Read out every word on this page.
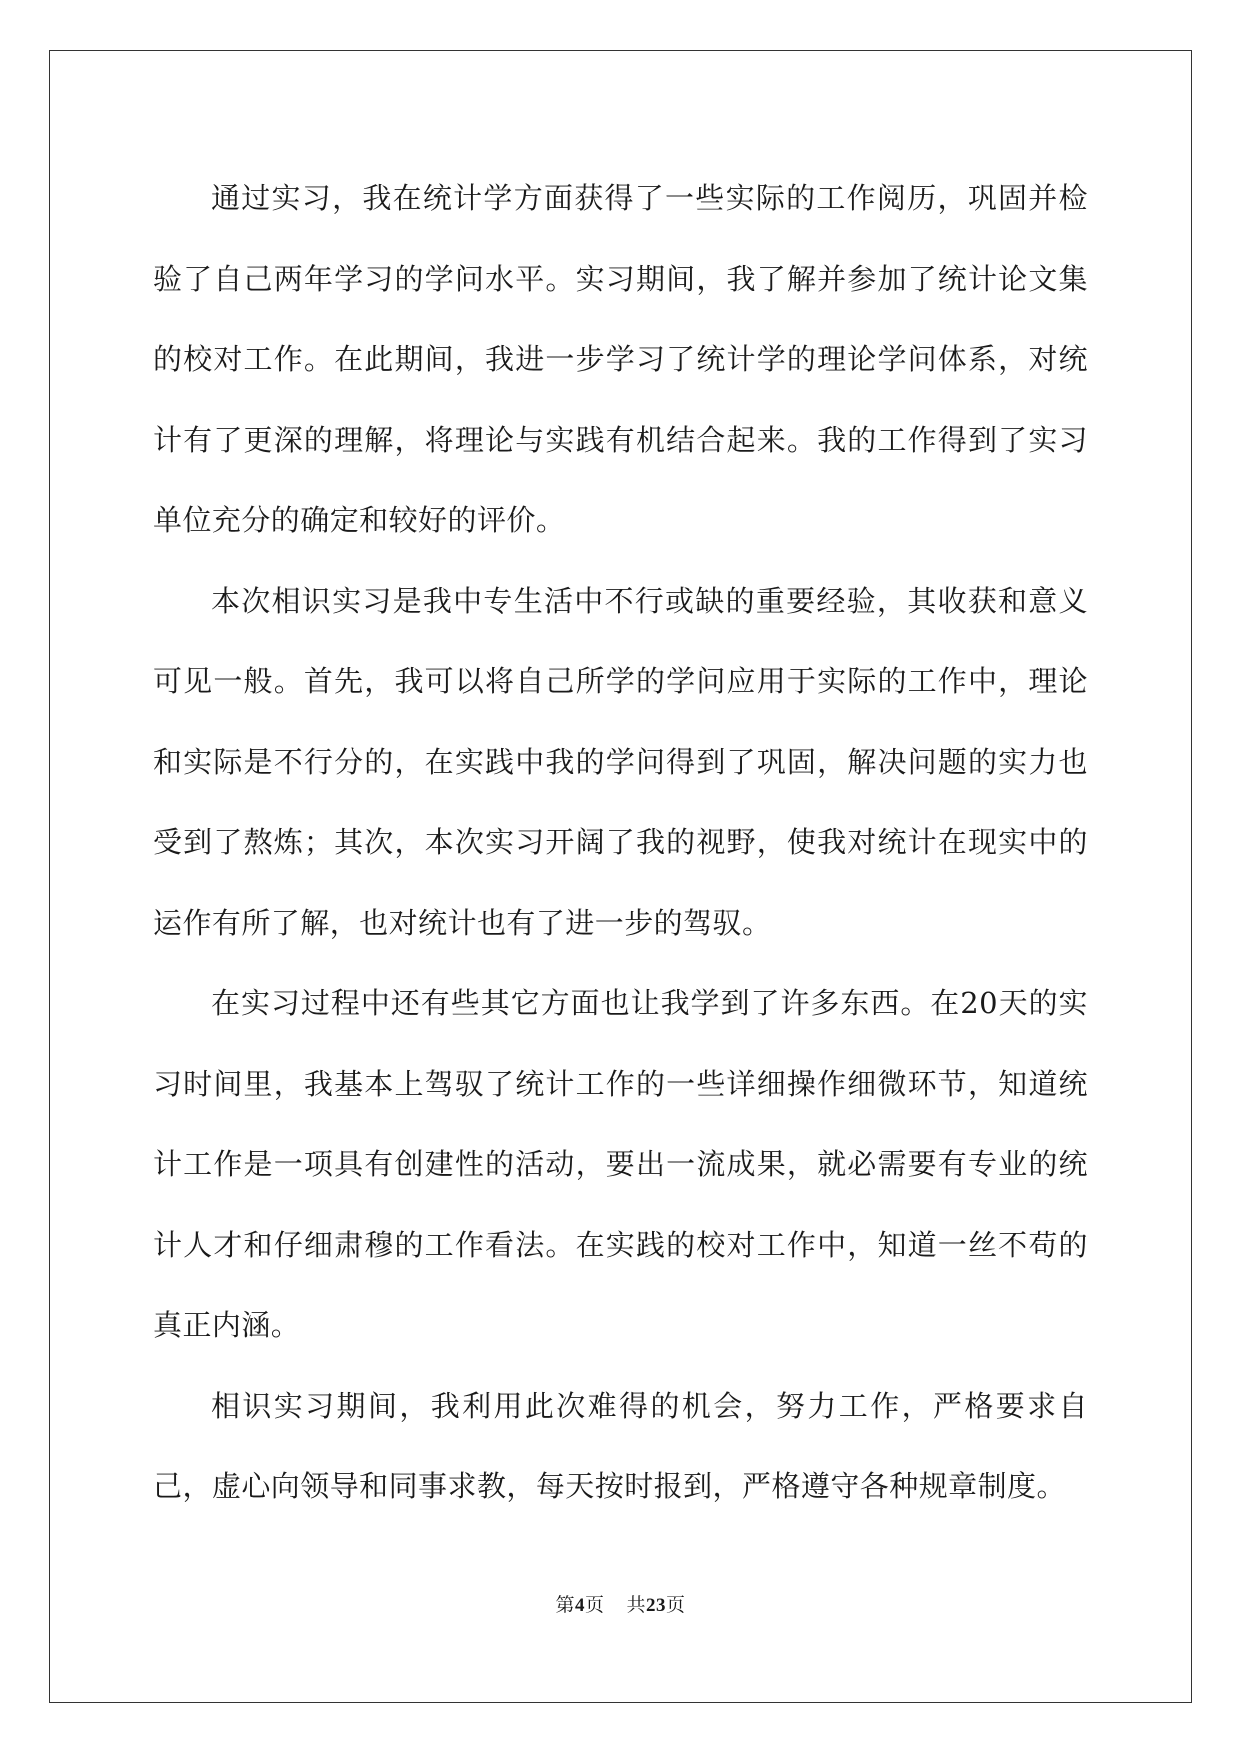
通过实习，我在统计学方面获得了一些实际的工作阅历，巩固并检验了自己两年学习的学问水平。实习期间，我了解并参加了统计论文集的校对工作。在此期间，我进一步学习了统计学的理论学问体系，对统计有了更深的理解，将理论与实践有机结合起来。我的工作得到了实习单位充分的确定和较好的评价。

本次相识实习是我中专生活中不行或缺的重要经验，其收获和意义可见一般。首先，我可以将自己所学的学问应用于实际的工作中，理论和实际是不行分的，在实践中我的学问得到了巩固，解决问题的实力也受到了熬炼；其次，本次实习开阔了我的视野，使我对统计在现实中的运作有所了解，也对统计也有了进一步的驾驭。

在实习过程中还有些其它方面也让我学到了许多东西。在20天的实习时间里，我基本上驾驭了统计工作的一些详细操作细微环节，知道统计工作是一项具有创建性的活动，要出一流成果，就必需要有专业的统计人才和仔细肃穆的工作看法。在实践的校对工作中，知道一丝不苟的真正内涵。

相识实习期间，我利用此次难得的机会，努力工作，严格要求自己，虚心向领导和同事求教，每天按时报到，严格遵守各种规章制度。

第4页 共23页
